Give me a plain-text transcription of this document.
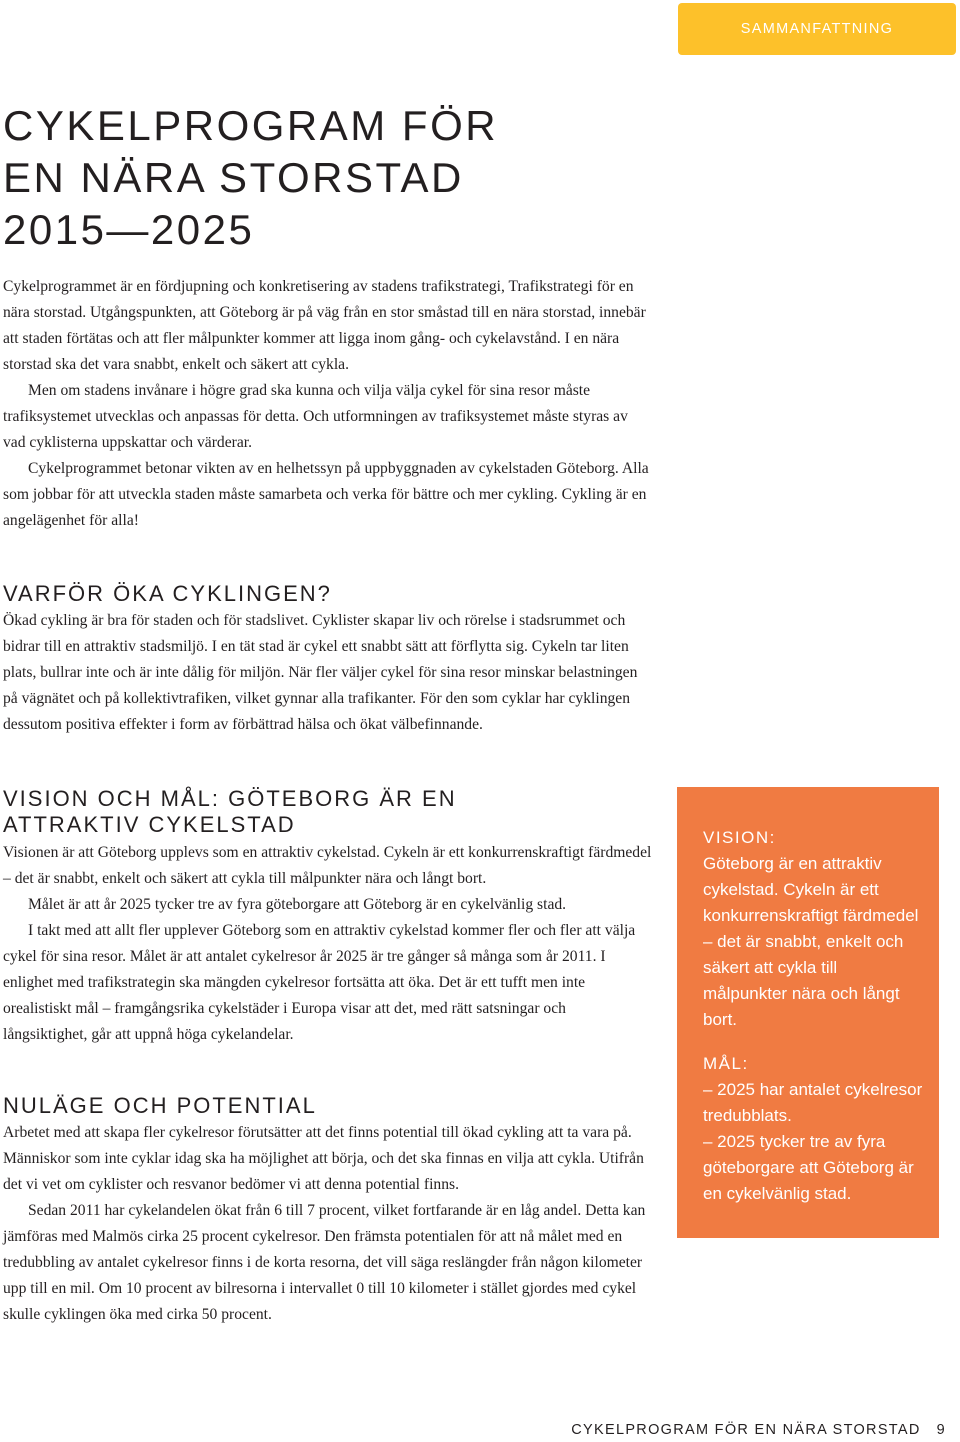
SAMMANFATTNING
CYKELPROGRAM FÖR
EN NÄRA STORSTAD
2015—2025

Cykelprogrammet är en fördjupning och konkretisering av stadens trafikstrategi, Trafikstrategi för en nära storstad. Utgångspunkten, att Göteborg är på väg från en stor småstad till en nära storstad, innebär att staden förtätas och att fler målpunkter kommer att ligga inom gång- och cykelavstånd. I en nära storstad ska det vara snabbt, enkelt och säkert att cykla.

Men om stadens invånare i högre grad ska kunna och vilja välja cykel för sina resor måste trafiksystemet utvecklas och anpassas för detta. Och utformningen av trafiksystemet måste styras av vad cyklisterna uppskattar och värderar.

Cykelprogrammet betonar vikten av en helhetssyn på uppbyggnaden av cykelstaden Göteborg. Alla som jobbar för att utveckla staden måste samarbeta och verka för bättre och mer cykling. Cykling är en angelägenhet för alla!

VARFÖR ÖKA CYKLINGEN?

Ökad cykling är bra för staden och för stadslivet. Cyklister skapar liv och rörelse i stadsrummet och bidrar till en attraktiv stadsmiljö. I en tät stad är cykel ett snabbt sätt att förflytta sig. Cykeln tar liten plats, bullrar inte och är inte dålig för miljön. När fler väljer cykel för sina resor minskar belastningen på vägnätet och på kollektivtrafiken, vilket gynnar alla trafikanter. För den som cyklar har cyklingen dessutom positiva effekter i form av förbättrad hälsa och ökat välbefinnande.

VISION OCH MÅL: GÖTEBORG ÄR EN
ATTRAKTIV CYKELSTAD

Visionen är att Göteborg upplevs som en attraktiv cykelstad. Cykeln är ett konkurrenskraftigt färdmedel – det är snabbt, enkelt och säkert att cykla till målpunkter nära och långt bort.

Målet är att år 2025 tycker tre av fyra göteborgare att Göteborg är en cykelvänlig stad.

I takt med att allt fler upplever Göteborg som en attraktiv cykelstad kommer fler och fler att välja cykel för sina resor. Målet är att antalet cykelresor år 2025 är tre gånger så många som år 2011. I enlighet med trafikstrategin ska mängden cykelresor fortsätta att öka. Det är ett tufft men inte orealistiskt mål – framgångsrika cykelstäder i Europa visar att det, med rätt satsningar och långsiktighet, går att uppnå höga cykelandelar.

NULÄGE OCH POTENTIAL

Arbetet med att skapa fler cykelresor förutsätter att det finns potential till ökad cykling att ta vara på. Människor som inte cyklar idag ska ha möjlighet att börja, och det ska finnas en vilja att cykla. Utifrån det vi vet om cyklister och resvanor bedömer vi att denna potential finns.

Sedan 2011 har cykelandelen ökat från 6 till 7 procent, vilket fortfarande är en låg andel. Detta kan jämföras med Malmös cirka 25 procent cykelresor. Den främsta potentialen för att nå målet med en tredubbling av antalet cykelresor finns i de korta resorna, det vill säga reslängder från någon kilometer upp till en mil. Om 10 procent av bilresorna i intervallet 0 till 10 kilometer i stället gjordes med cykel skulle cyklingen öka med cirka 50 procent.

VISION:
Göteborg är en attraktiv cykelstad. Cykeln är ett konkurrenskraftigt färdmedel – det är snabbt, enkelt och säkert att cykla till målpunkter nära och långt bort.
MÅL:
– 2025 har antalet cykelresor tredubblats.
– 2025 tycker tre av fyra göteborgare att Göteborg är en cykelvänlig stad.
CYKELPROGRAM FÖR EN NÄRA STORSTAD 9
